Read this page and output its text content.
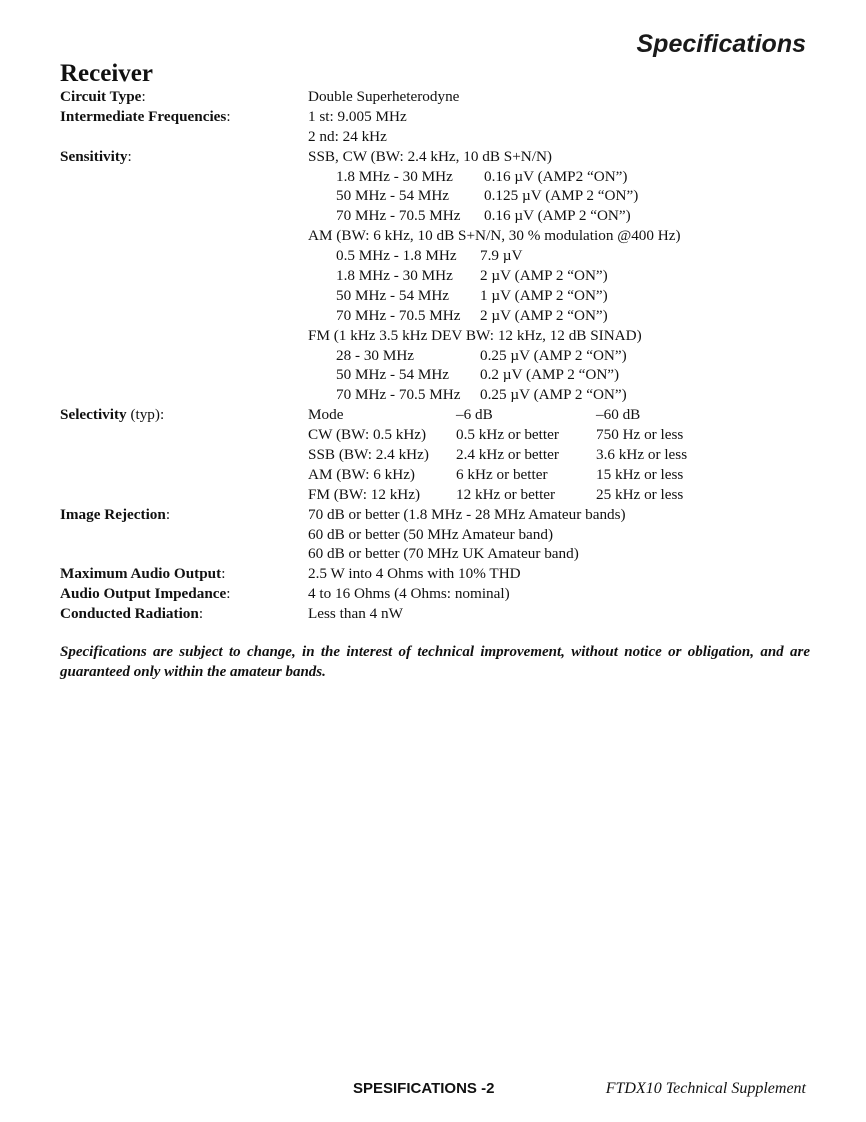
Specifications
Receiver
Circuit Type:	Double Superheterodyne
Intermediate Frequencies:	1 st: 9.005 MHz
2 nd: 24 kHz
Sensitivity:	SSB, CW (BW: 2.4 kHz, 10 dB S+N/N)
1.8 MHz - 30 MHz 0.16 µV (AMP2 “ON”)
50 MHz - 54 MHz 0.125 µV (AMP 2 “ON”)
70 MHz - 70.5 MHz 0.16 µV (AMP 2 “ON”)
AM (BW: 6 kHz, 10 dB S+N/N, 30 % modulation @400 Hz)
0.5 MHz - 1.8 MHz 7.9 µV
1.8 MHz - 30 MHz 2 µV (AMP 2 “ON”)
50 MHz - 54 MHz 1 µV (AMP 2 “ON”)
70 MHz - 70.5 MHz 2 µV (AMP 2 “ON”)
FM (1 kHz 3.5 kHz DEV BW: 12 kHz, 12 dB SINAD)
28 - 30 MHz	0.25 µV (AMP 2 “ON”)
50 MHz - 54 MHz 0.2 µV (AMP 2 “ON”)
70 MHz - 70.5 MHz 0.25 µV (AMP 2 “ON”)
Selectivity (typ):	Mode	–6 dB	–60 dB
CW (BW: 0.5 kHz) 0.5 kHz or better 750 Hz or less
SSB (BW: 2.4 kHz) 2.4 kHz or better 3.6 kHz or less
AM (BW: 6 kHz)	6 kHz or better	15 kHz or less
FM (BW: 12 kHz) 12 kHz or better	25 kHz or less
Image Rejection:	70 dB or better (1.8 MHz - 28 MHz Amateur bands)
60 dB or better (50 MHz Amateur band)
60 dB or better (70 MHz UK Amateur band)
Maximum Audio Output:	2.5 W into 4 Ohms with 10% THD
Audio Output Impedance:	4 to 16 Ohms (4 Ohms: nominal)
Conducted Radiation:	Less than 4 nW

Specifications are subject to change, in the interest of technical improvement, without notice or obligation, and are guaranteed only within the amateur bands.

SPESIFICATIONS -2	FTDX10 Technical Supplement
